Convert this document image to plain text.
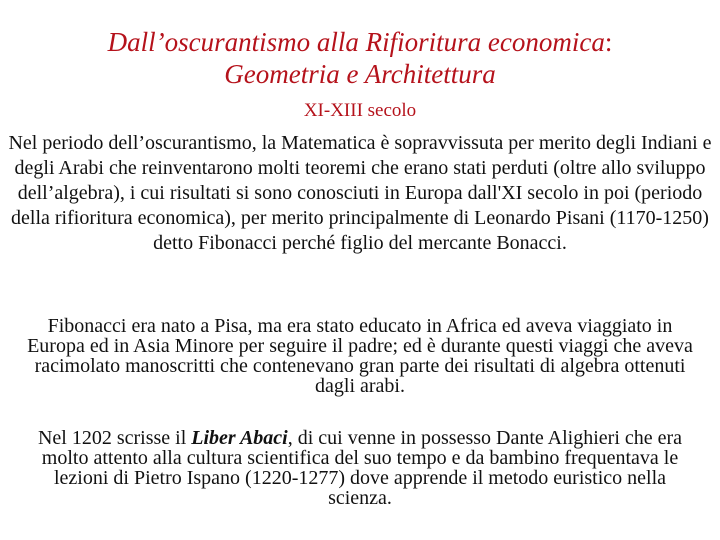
Dall’oscurantismo alla Rifioritura economica:
Geometria e Architettura
XI-XIII secolo
Nel periodo dell’oscurantismo, la Matematica è sopravvissuta per merito degli Indiani e degli Arabi che reinventarono molti teoremi che erano stati perduti (oltre allo sviluppo dell’algebra), i cui risultati si sono conosciuti in Europa dall'XI secolo in poi (periodo della rifioritura economica), per merito principalmente di Leonardo Pisani (1170-1250) detto Fibonacci perché figlio del mercante Bonacci.
Fibonacci era nato a Pisa, ma era stato educato in Africa ed aveva viaggiato in Europa ed in Asia Minore per seguire il padre; ed è durante questi viaggi che aveva racimolato manoscritti che contenevano gran parte dei risultati di algebra ottenuti dagli arabi.
Nel 1202 scrisse il Liber Abaci, di cui venne in possesso Dante Alighieri che era molto attento alla cultura scientifica del suo tempo e da bambino frequentava le lezioni di Pietro Ispano (1220-1277) dove apprende il metodo euristico nella scienza.
